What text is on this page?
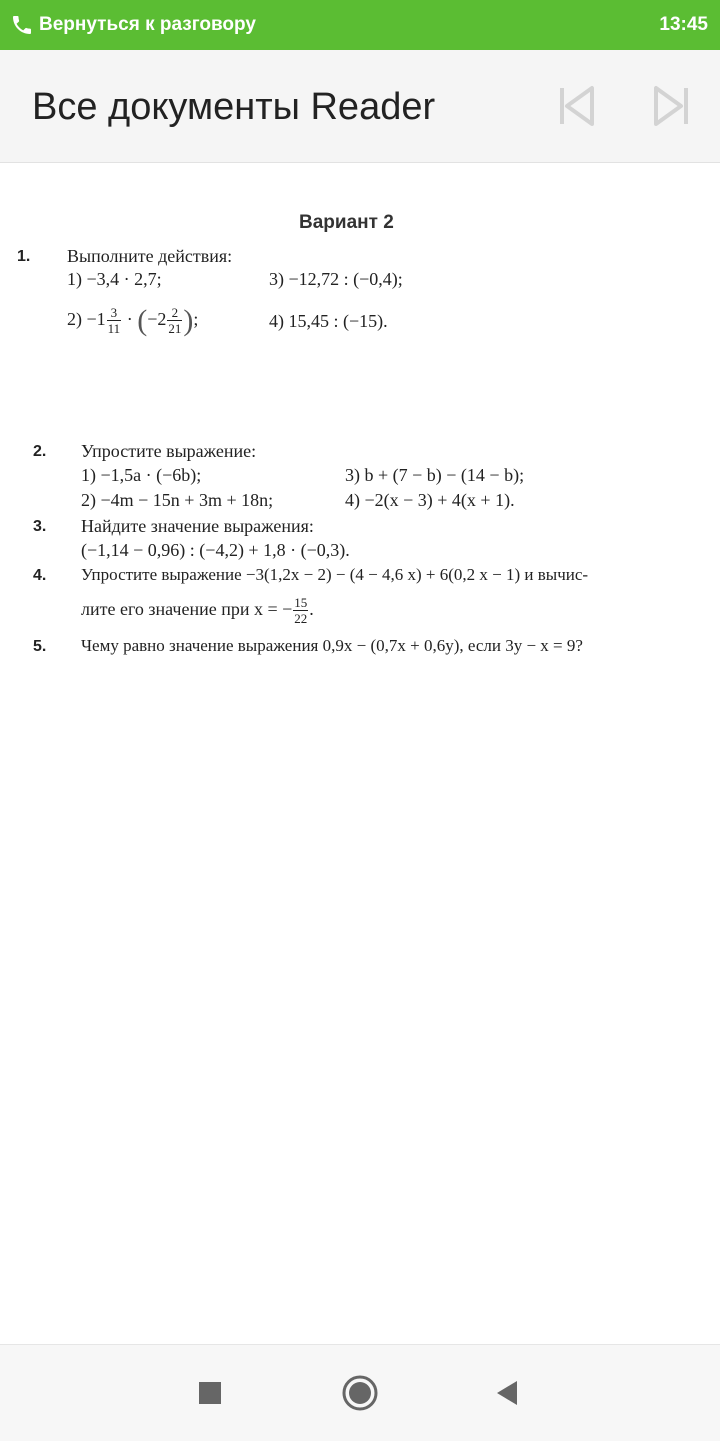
Вернуться к разговору	13:45
Все документы Reader
Вариант 2
1. Выполните действия:
1) −3,4 · 2,7;	3) −12,72 : (−0,4);
$2) -1 \frac{3}{11} \cdot (-2 \frac{2}{21}$ );	4) 15,45 : (−15).
2. Упростите выражение:
1) −1,5a · (−6b);	3) b + (7 − b) − (14 − b);
2) −4m − 15n + 3m + 18n;	4) −2(x − 3) + 4(x + 1).
3. Найдите значение выражения:
(−1,14 − 0,96) : (−4,2) + 1,8 · (−0,3).
4. Упростите выражение −3(1,2x − 2) − (4 − 4,6 x) + 6(0,2 x − 1) и вычис-
лите его значение при x = − $\frac{15}{22}$ .
5. Чему равно значение выражения 0,9x − (0,7x + 0,6y), если 3y − x = 9?
